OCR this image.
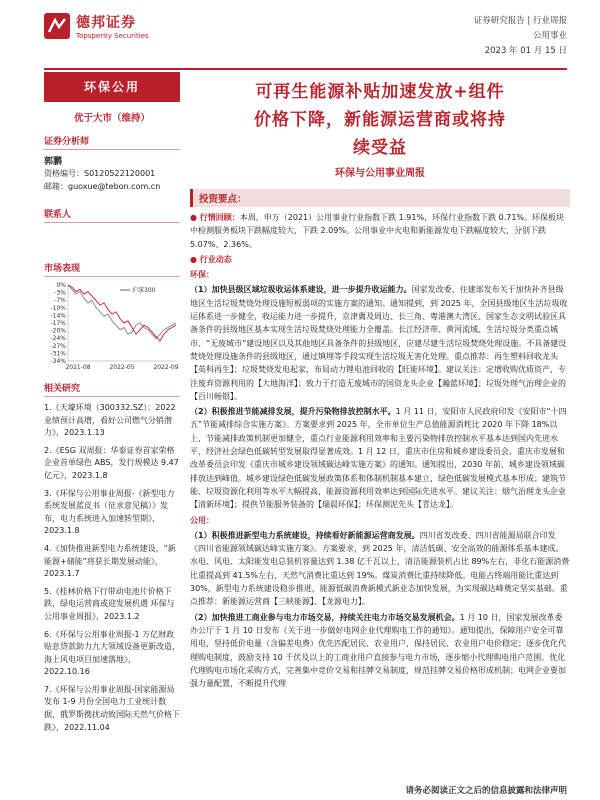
德邦证券
Topsperity Securities
证券研究报告 | 行业周报
公用事业
2023 年 01 月 15 日
环保公用
优于大市（维持）
证券分析师
郭鹏
资格编号：S0120522120001
邮箱：guoxue@tebon.com.cn
联系人
市场表现
0%
-3%
-7%
-10%
-14%
-17%
-20%
-24%
-27%
-31%
-34%
2021-08	2022-05	2022-09
沪深300
相关研究
1.《天壕环境（300332.SZ）：2022业绩预计高增，看好公司燃气分销潜力》，2023.1.13
2.《ESG 双周报：华泰证券首家荣格企业首单绿色 ABS，发行规模达 9.47 亿元》，2023.1.8
3.《环保与公用事业周报-《新型电力系统发展蓝皮书（征求意见稿）》发布，电力系统进入加速转型期》，2023.1.8
4.《加快推进新型电力系统建设，“新能源+储能”将获长期发展动能》，2023.1.7
5.《桂林价格下行带动电池片价格下跌，绿电运营商或迎发展机遇 环保与公用事业周报》，2023.1.2
6.《环保与公用事业周报-1 万亿财政贴息贷款助力九大领域设备更新改造，海上风电项目加速落地》，2022.10.16
7.《环保与公用事业周报-国家能源局发布 1-9 月份全国电力工业统计数据，俄罗斯携扰动致国际天然气价格下跌》，2022.11.04
可再生能源补贴加速发放+组件
价格下降，新能源运营商或将持
续受益
环保与公用事业周报
投资要点：
● 行情回顾：本周，申万（2021）公用事业行业指数下跌 1.91%，环保行业指数下跌 0.71%。环保板块中检测服务板块下跌幅度较大，下跌 2.09%。公用事业中火电和新能源发电下跌幅度较大，分别下跌 5.07%、2.36%。
● 行业动态
环保：
（1）加快县级区域垃圾收运体系建设，进一步提升收运能力。国家发改委、住建部发布关于加快补齐县级地区生活垃圾焚烧处理设施短板弱项的实施方案的通知。通知提到，到 2025 年，全国县级地区生活垃圾收运体系进一步健全，收运能力进一步提升，京津冀及周边、长三角、粤港澳大湾区、国家生态文明试验区具备条件的县级地区基本实现生活垃圾焚烧处理能力全覆盖。长江经济带、黄河流域、生活垃圾分类重点城市、“无废城市”建设地区以及其他地区具备条件的县级地区，应建尽建生活垃圾焚烧处理设施。不具备建设焚烧处理设施条件的县级地区，通过填埋等手段实现生活垃圾无害化处理。重点推荐：再生塑料回收龙头【英科再生】；垃圾焚烧发电起家，布局动力锂电池回收的【旺能环境】。建议关注：定增收购优质资产，专注废弃资源利用的【大地海洋】；致力于打造无废城市的国资龙头企业【瀚蓝环境】；垃圾处理气治理企业的【百川畅银】。
（2）积极推进节能减排发展，提升污染物排放控制水平。1 月 11 日，安阳市人民政府印发《安阳市“十四五”节能减排综合实施方案》。方案要求到 2025 年，全市单位生产总值能源消耗比 2020 年下降 18%以上，节能减排政策机制更加健全，重点行业能源利用效率和主要污染物排放控制水平基本达到国内先进水平，经济社会绿色低碳转型发展取得显著成效。1 月 12 日，重庆市住房和城乡建设委员会、重庆市发展和改革委员会印发《重庆市城乡建设领域碳达峰实施方案》的通知。通知提出，2030 年前，城乡建设领域碳排放达到峰值。城乡建设绿色低碳发展政策体系和体制机制基本建立，绿色低碳发展模式基本形成；建筑节能、垃圾资源化利用等水平大幅提高，能源资源利用效率达到国际先进水平。建议关注：烟气治理龙头企业【清新环境】；提供节能服务装备的【瑞晨环保】；环保测泥先头【青达龙】。
公用：
（1）积极推进新型电力系统建设，持续看好新能源运营商发展。四川省发改委、四川省能源局联合印发《四川省能源领域碳达峰实施方案》。方案要求，到 2025 年，清洁低碳、安全高效的能源体系基本建成。水电、风电、太阳能发电总装机容量达到 1.38 亿千瓦以上，清洁能源装机占比 89%左右，非化石能源消费比重提高到 41.5%左右，天然气消费比重达到 19%。煤炭消费比重持续降低。电能占终端用能比重达到 30%，新型电力系统建设稳步推进，能源低碳消费新模式新业态加快发展，为实现碳达峰奠定坚实基础。重点推荐：新能源运营商【三峡能源】、【龙源电力】。
（2）加快推进工商业参与电力市场交易，持续关注电力市场交易发展机会。1 月 10 日，国家发展改革委办公厅于 1 月 10 日发布《关于进一步做好电网企业代理购电工作的通知》。通知提出，保障用户安全可靠用电，坚持低价电量（含偏差电费）优先匹配居民、农业用户，保持居民、农业用户电价稳定；逐步优化代理购电制度，鼓励支持 10 千伏及以上的工商业用户直接参与电力市场，逐步缩小代理购电用户范围。优化代理购电市场化采购方式，完善集中竞价交易和挂牌交易制度，规范挂牌交易价格形成机制；电网企业要加强力量配置，不断提升代理
请务必阅读正文之后的信息披露和法律声明
